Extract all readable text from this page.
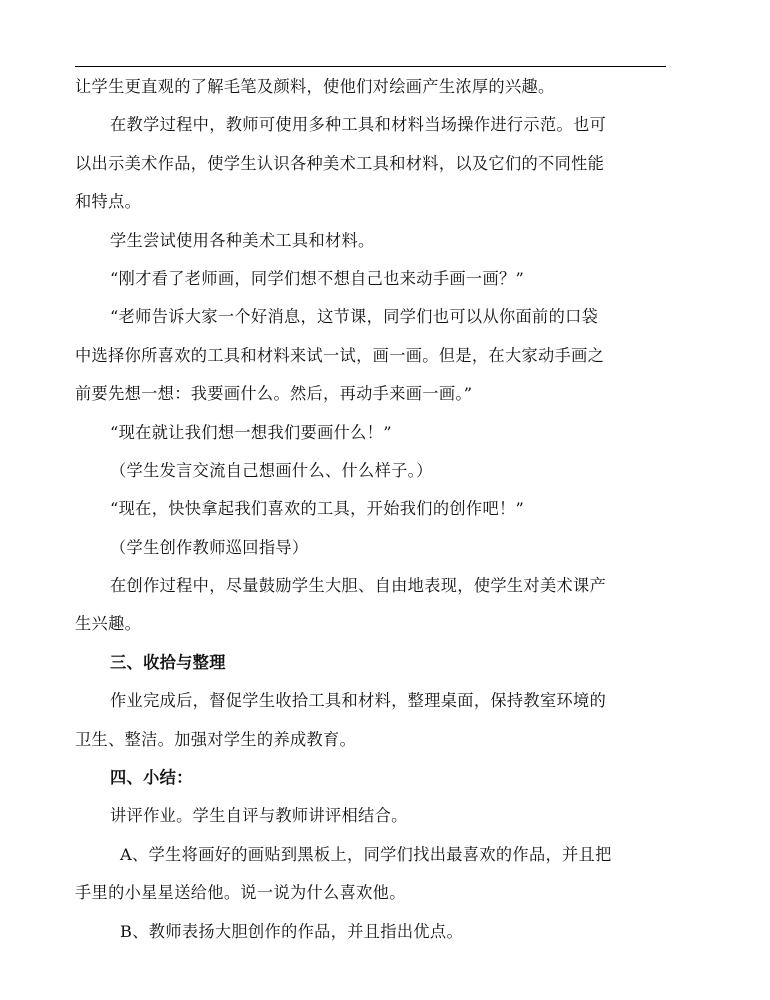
让学生更直观的了解毛笔及颜料，使他们对绘画产生浓厚的兴趣。
在教学过程中，教师可使用多种工具和材料当场操作进行示范。也可
以出示美术作品，使学生认识各种美术工具和材料，以及它们的不同性能
和特点。
学生尝试使用各种美术工具和材料。
“刚才看了老师画，同学们想不想自己也来动手画一画？”
“老师告诉大家一个好消息，这节课，同学们也可以从你面前的口袋
中选择你所喜欢的工具和材料来试一试，画一画。但是，在大家动手画之
前要先想一想：我要画什么。然后，再动手来画一画。”
“现在就让我们想一想我们要画什么！”
（学生发言交流自己想画什么、什么样子。）
“现在，快快拿起我们喜欢的工具，开始我们的创作吧！”
（学生创作教师巡回指导）
在创作过程中，尽量鼓励学生大胆、自由地表现，使学生对美术课产
生兴趣。
三、收拾与整理
作业完成后，督促学生收拾工具和材料，整理桌面，保持教室环境的
卫生、整洁。加强对学生的养成教育。
四、小结：
讲评作业。学生自评与教师讲评相结合。
A、学生将画好的画贴到黑板上，同学们找出最喜欢的作品，并且把
手里的小星星送给他。说一说为什么喜欢他。
B、教师表扬大胆创作的作品，并且指出优点。
